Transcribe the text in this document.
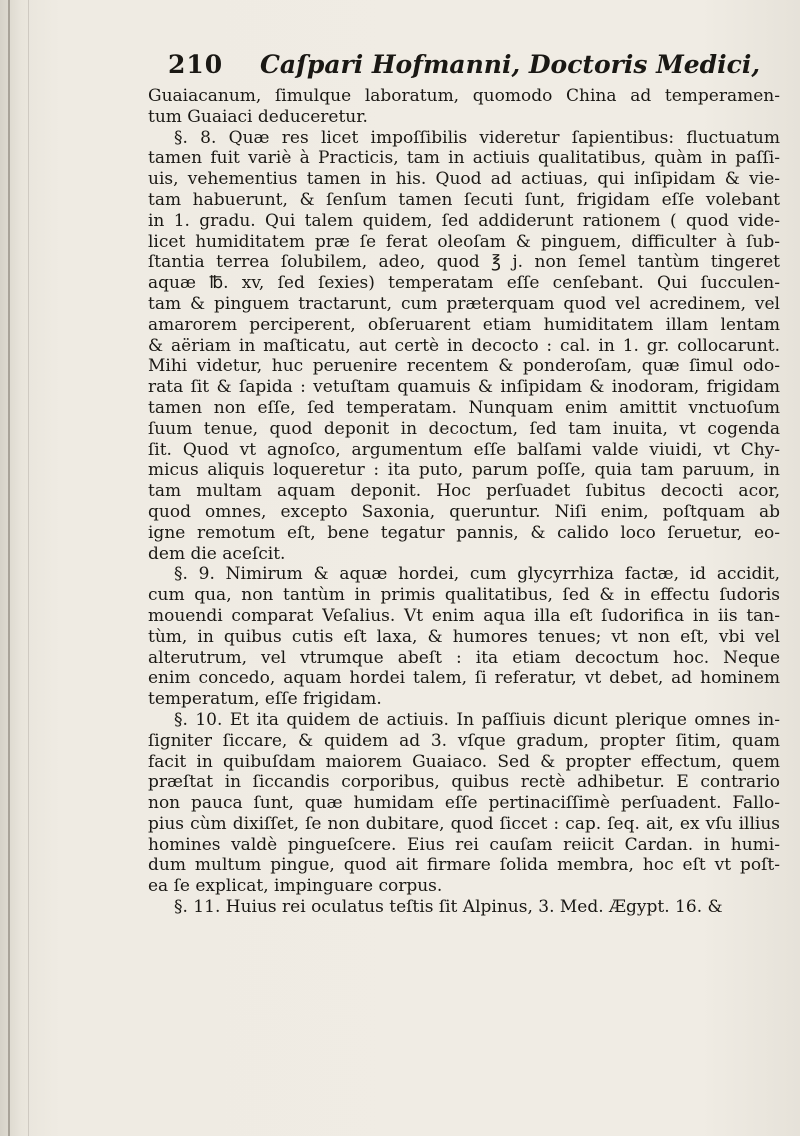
210 Caſpari Hofmanni, Doctoris Medici,
Guaiacanum, ſimulque laboratum, quomodo China ad temperamen-
tum Guaiaci deduceretur.
§. 8. Quæ res licet impoſſibilis videretur ſapientibus: fluctuatum
tamen fuit variè à Practicis, tam in actiuis qualitatibus, quàm in paſſi-
uis, vehementius tamen in his. Quod ad actiuas, qui inſipidam & vie-
tam habuerunt, & ſenſum tamen ſecuti ſunt, frigidam eſſe volebant
in 1. gradu. Qui talem quidem, ſed addiderunt rationem ( quod vide-
licet humiditatem præ ſe ferat oleoſam & pinguem, difficulter à ſub-
ſtantia terrea ſolubilem, adeo, quod ℥ j. non ſemel tantùm tingeret
aquæ ℔. xv, ſed ſexies) temperatam eſſe cenſebant. Qui ſucculen-
tam & pinguem tractarunt, cum præterquam quod vel acredinem, vel
amarorem perciperent, obſeruarent etiam humiditatem illam lentam
& aëriam in maſticatu, aut certè in decocto : cal. in 1. gr. collocarunt.
Mihi videtur, huc peruenire recentem & ponderoſam, quæ ſimul odo-
rata ſit & ſapida : vetuſtam quamuis & inſipidam & inodoram, frigidam
tamen non eſſe, ſed temperatam. Nunquam enim amittit vnctuoſum
ſuum tenue, quod deponit in decoctum, ſed tam inuita, vt cogenda
ſit. Quod vt agnoſco, argumentum eſſe balſami valde viuidi, vt Chy-
micus aliquis loqueretur : ita puto, parum poſſe, quia tam paruum, in
tam multam aquam deponit. Hoc perſuadet ſubitus decocti acor,
quod omnes, excepto Saxonia, queruntur. Niſi enim, poſtquam ab
igne remotum eſt, bene tegatur pannis, & calido loco ſeruetur, eo-
dem die aceſcit.
§. 9. Nimirum & aquæ hordei, cum glycyrrhiza factæ, id accidit,
cum qua, non tantùm in primis qualitatibus, ſed & in effectu ſudoris
mouendi comparat Veſalius. Vt enim aqua illa eſt ſudorifica in iis tan-
tùm, in quibus cutis eſt laxa, & humores tenues; vt non eſt, vbi vel
alterutrum, vel vtrumque abeſt : ita etiam decoctum hoc. Neque
enim concedo, aquam hordei talem, ſi referatur, vt debet, ad hominem
temperatum, eſſe frigidam.
§. 10. Et ita quidem de actiuis. In paſſiuis dicunt plerique omnes in-
ſigniter ſiccare, & quidem ad 3. vſque gradum, propter ſitim, quam
facit in quibuſdam maiorem Guaiaco. Sed & propter effectum, quem
præſtat in ſiccandis corporibus, quibus rectè adhibetur. E contrario
non pauca ſunt, quæ humidam eſſe pertinaciſſimè perſuadent. Fallo-
pius cùm dixiſſet, ſe non dubitare, quod ſiccet : cap. ſeq. ait, ex vſu illius
homines valdè pingueſcere. Eius rei cauſam reiicit Cardan. in humi-
dum multum pingue, quod ait firmare ſolida membra, hoc eſt vt poſt-
ea ſe explicat, impinguare corpus.
§. 11. Huius rei oculatus teſtis ſit Alpinus, 3. Med. Ægypt. 16. &
